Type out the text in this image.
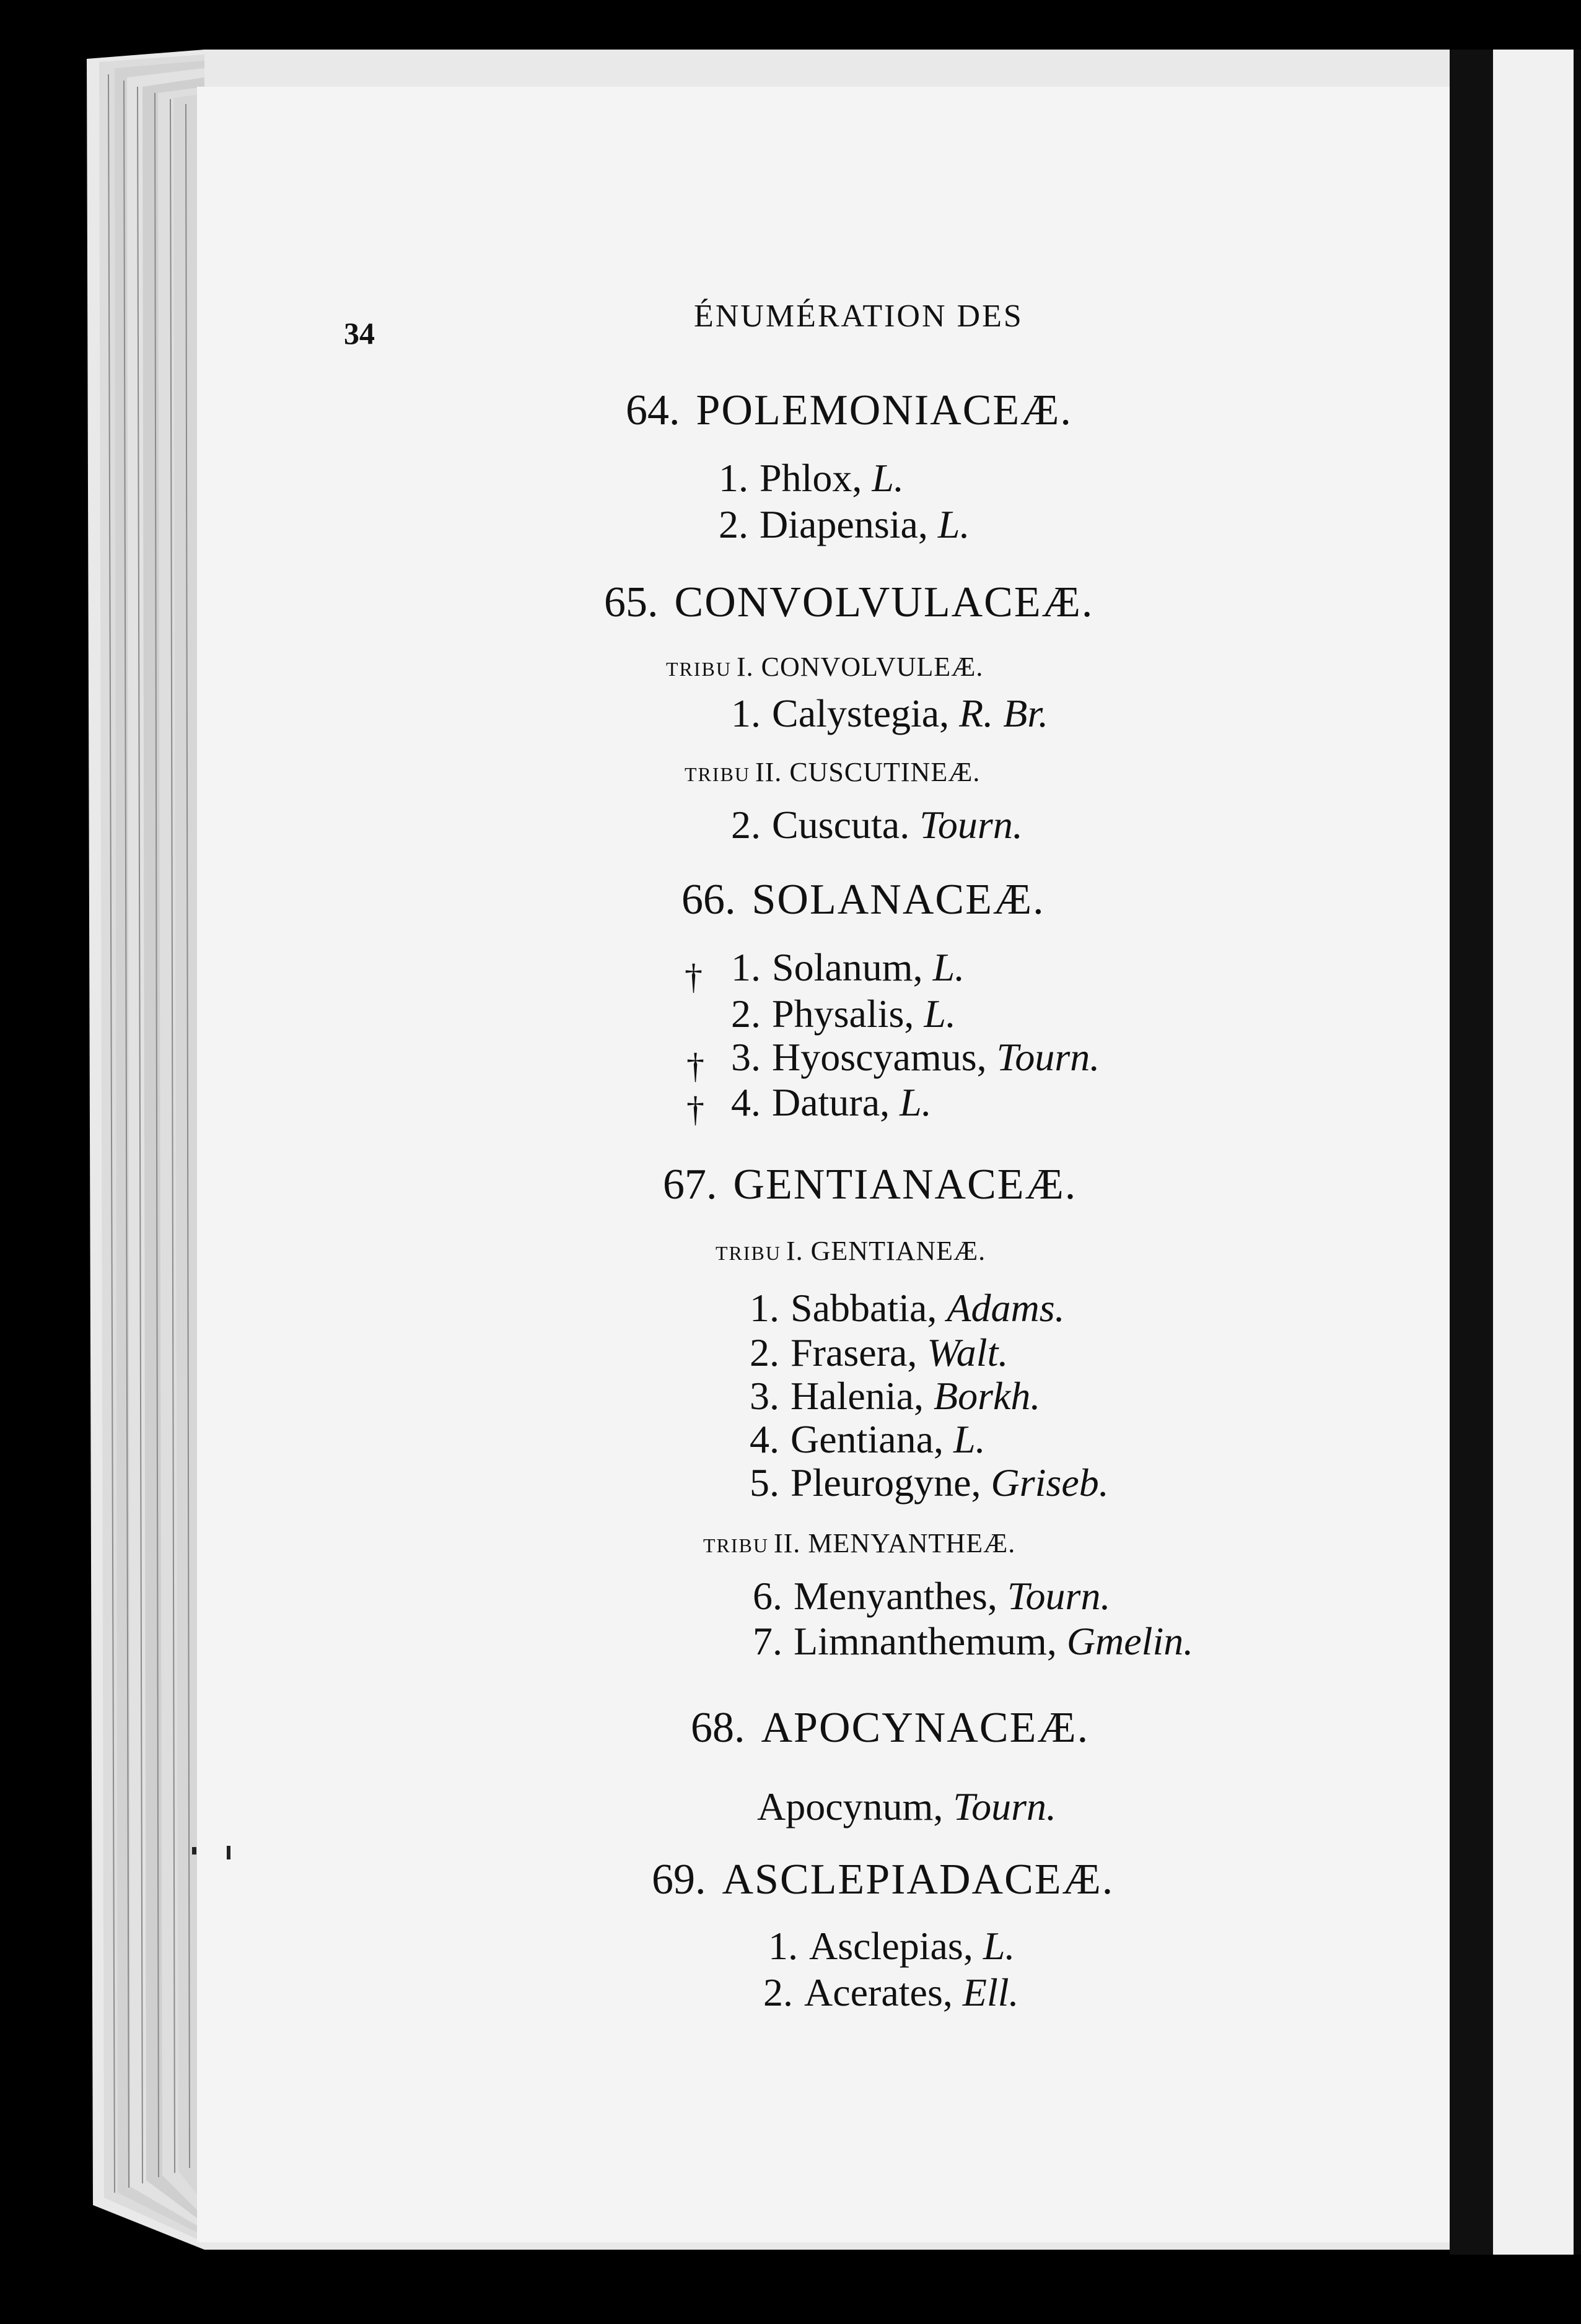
34	ÉNUMÉRATION DES
64. POLEMONIACEÆ.
1. Phlox, L.
2. Diapensia, L.
65. CONVOLVULACEÆ.
TRIBU I. CONVOLVULEÆ.
1. Calystegia, R. Br.
TRIBU II. CUSCUTINEÆ.
2. Cuscuta. Tourn.
66. SOLANACEÆ.
† 1. Solanum, L.
2. Physalis, L.
† 3. Hyoscyamus, Tourn.
† 4. Datura, L.
67. GENTIANACEÆ.
TRIBU I. GENTIANEÆ.
1. Sabbatia, Adams.
2. Frasera, Walt.
3. Halenia, Borkh.
4. Gentiana, L.
5. Pleurogyne, Griseb.
TRIBU II. MENYANTHEÆ.
6. Menyanthes, Tourn.
7. Limnanthemum, Gmelin.
68. APOCYNACEÆ.
Apocynum, Tourn.
69. ASCLEPIADACEÆ.
1. Asclepias, L.
2. Acerates, Ell.
